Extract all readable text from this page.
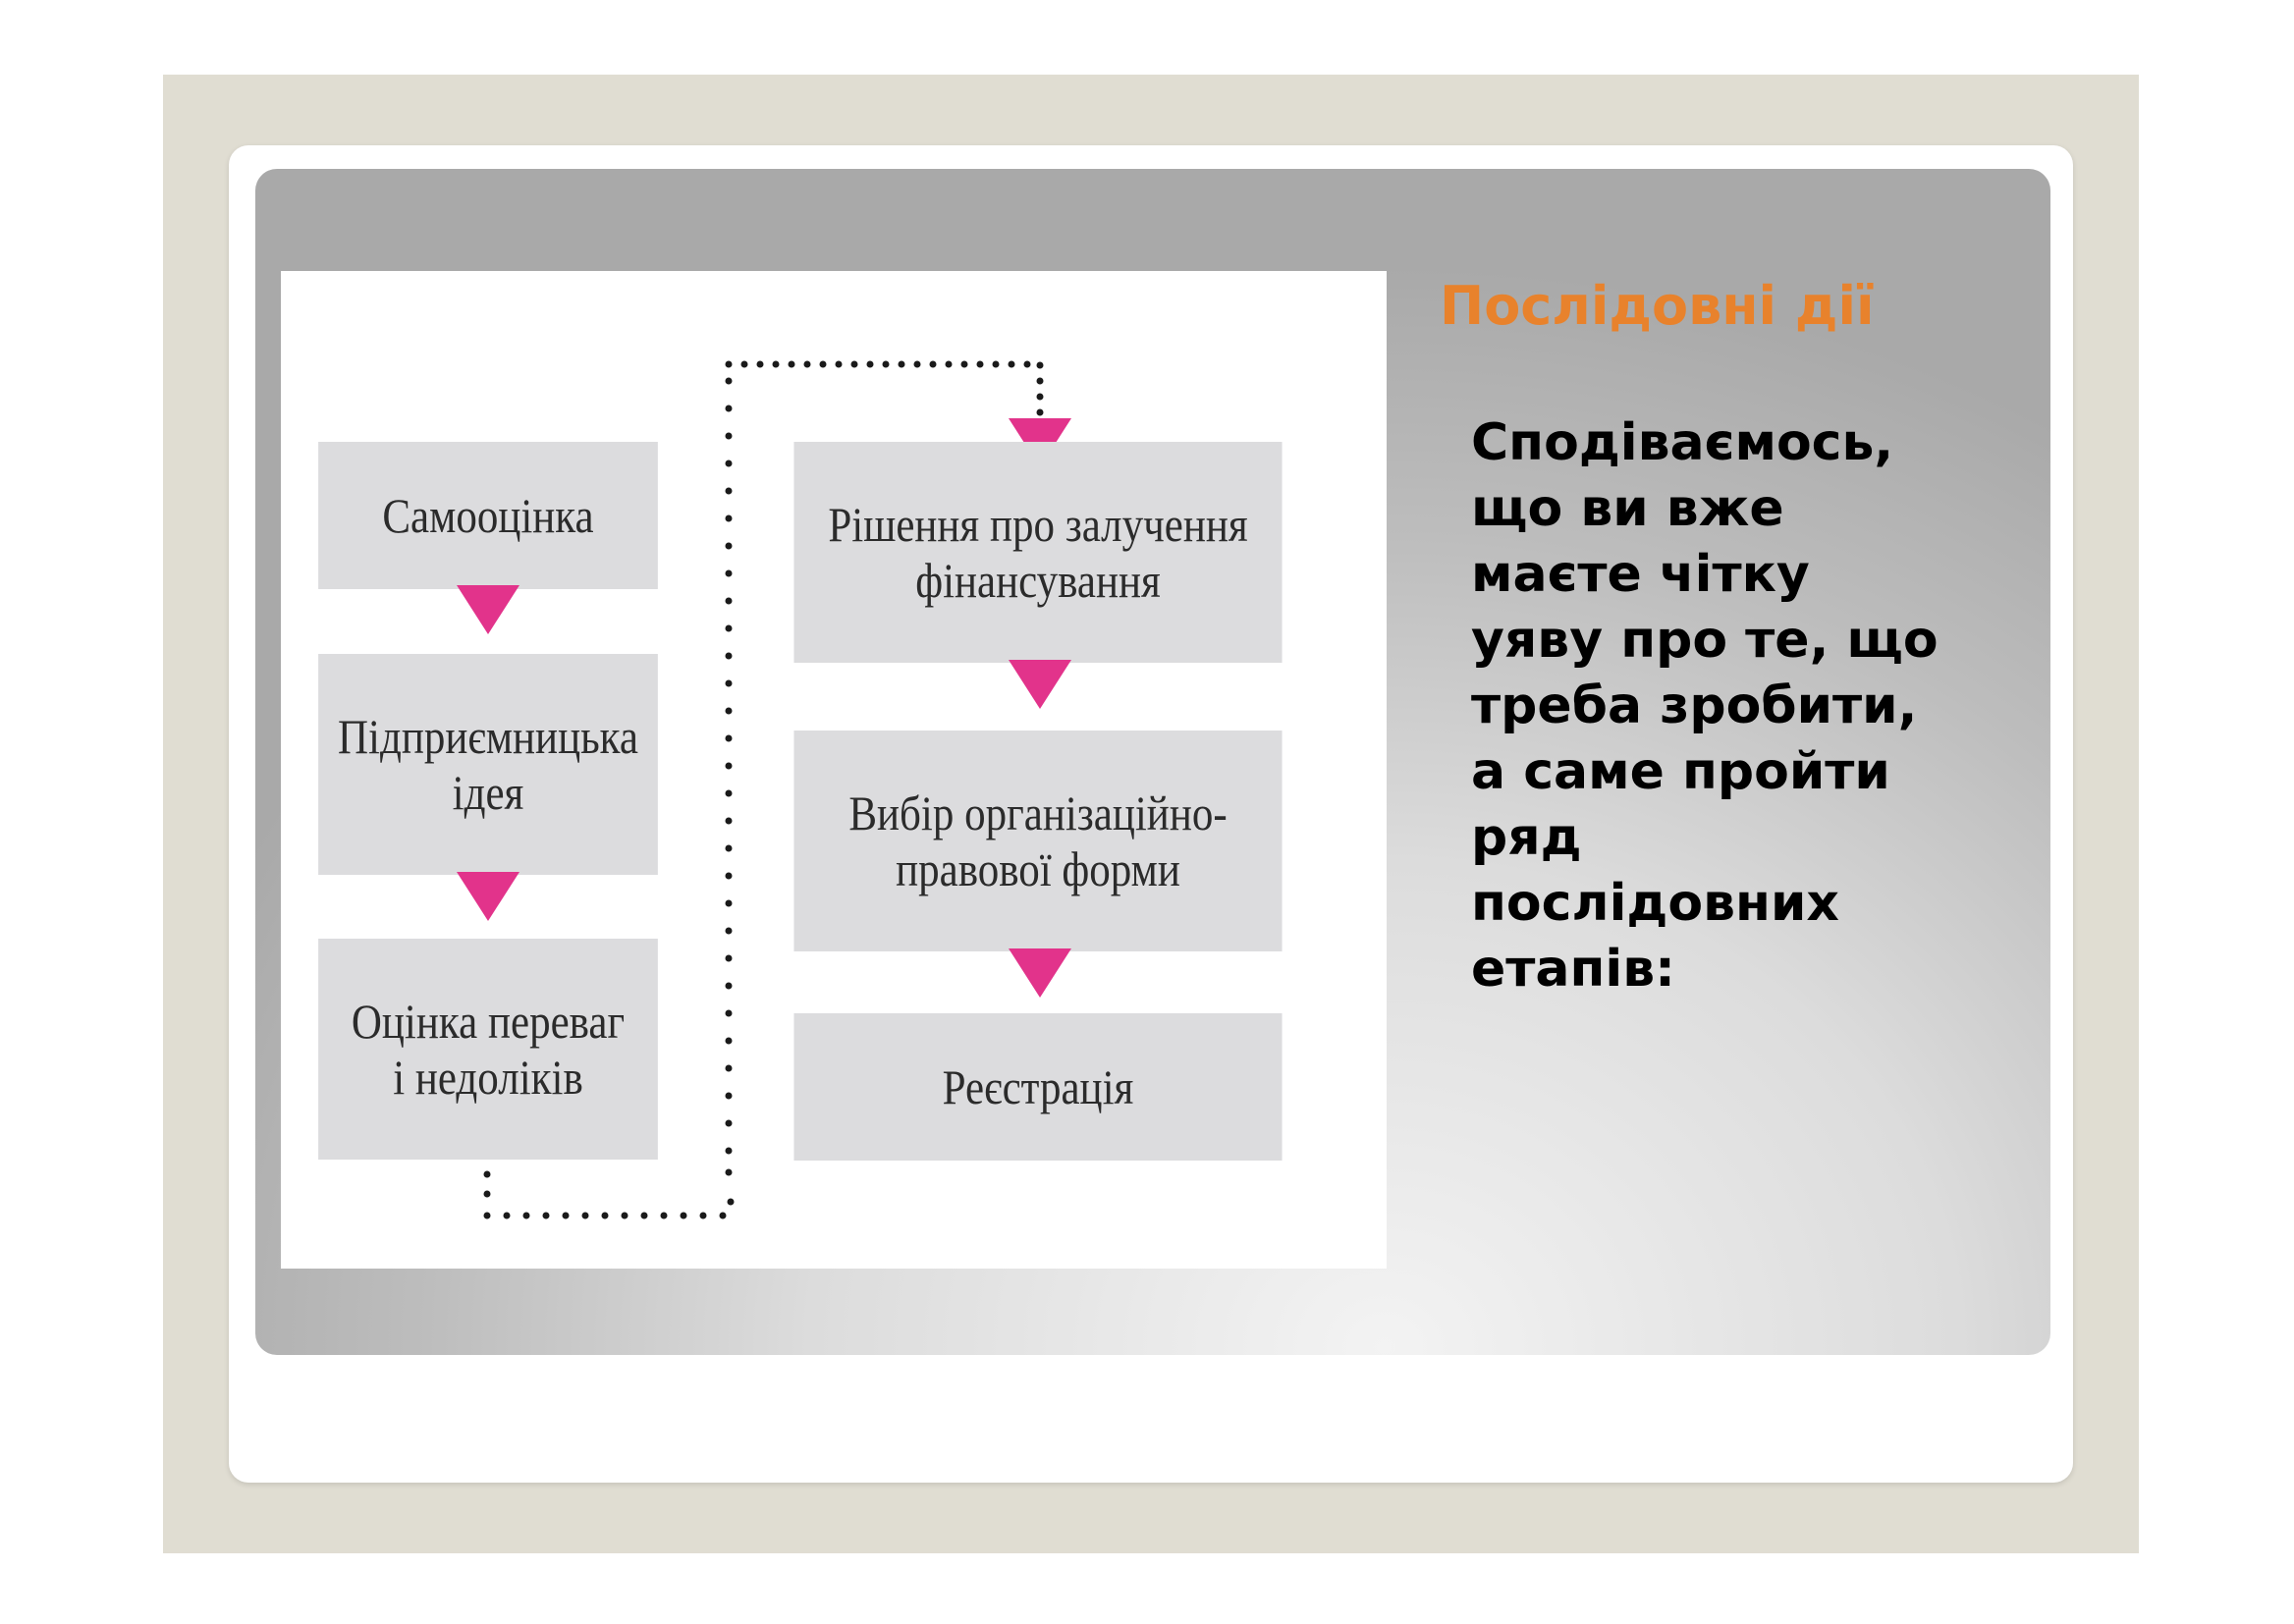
Самооцінка
Підприємницька
ідея
Оцінка переваг
і недоліків
Рішення про залучення
фінансування
Вибір організаційно-
правової форми
Реєстрація
Послідовні дії
Сподіваємось,
що ви вже
маєте чітку
уяву про те, що
треба зробити,
а саме пройти
ряд
послідовних
етапів:
